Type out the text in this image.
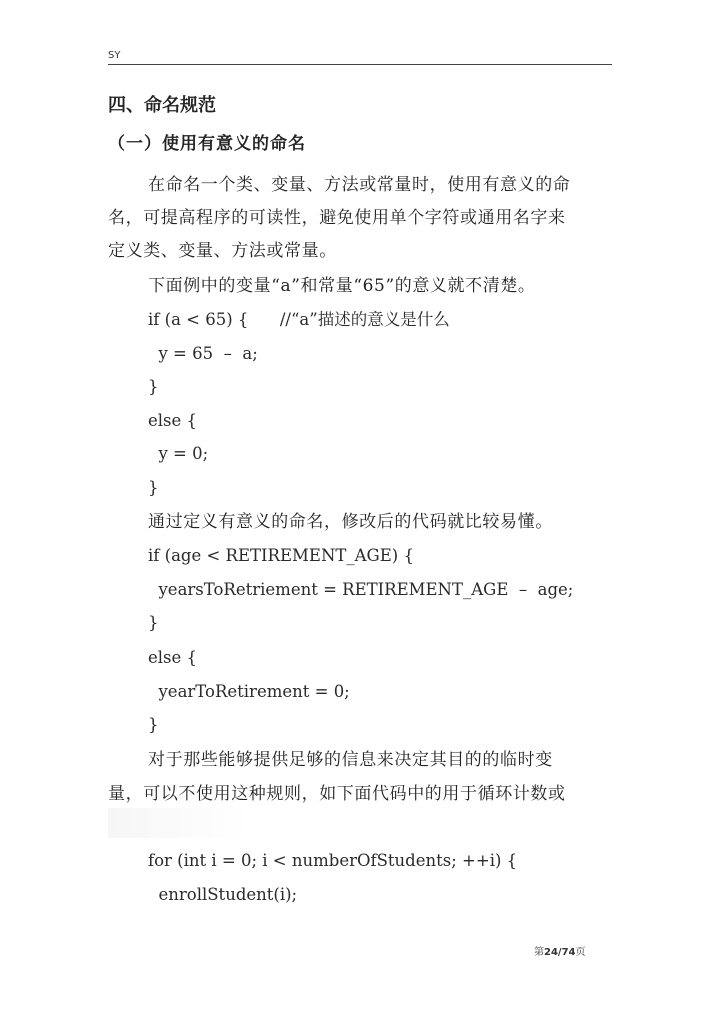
SY
四、命名规范
（一）使用有意义的命名
在命名一个类、变量、方法或常量时，使用有意义的命
名，可提高程序的可读性，避免使用单个字符或通用名字来
定义类、变量、方法或常量。
下面例中的变量“a”和常量“65”的意义就不清楚。
if (a < 65) {      //“a”描述的意义是什么
y = 65  –  a;
}
else {
y = 0;
}
通过定义有意义的命名，修改后的代码就比较易懂。
if (age < RETIREMENT_AGE) {
yearsToRetriement = RETIREMENT_AGE  –  age;
}
else {
yearToRetirement = 0;
}
对于那些能够提供足够的信息来决定其目的的临时变
量，可以不使用这种规则，如下面代码中的用于循环计数或
for (int i = 0; i < numberOfStudents; ++i) {
enrollStudent(i);
第24/74页
